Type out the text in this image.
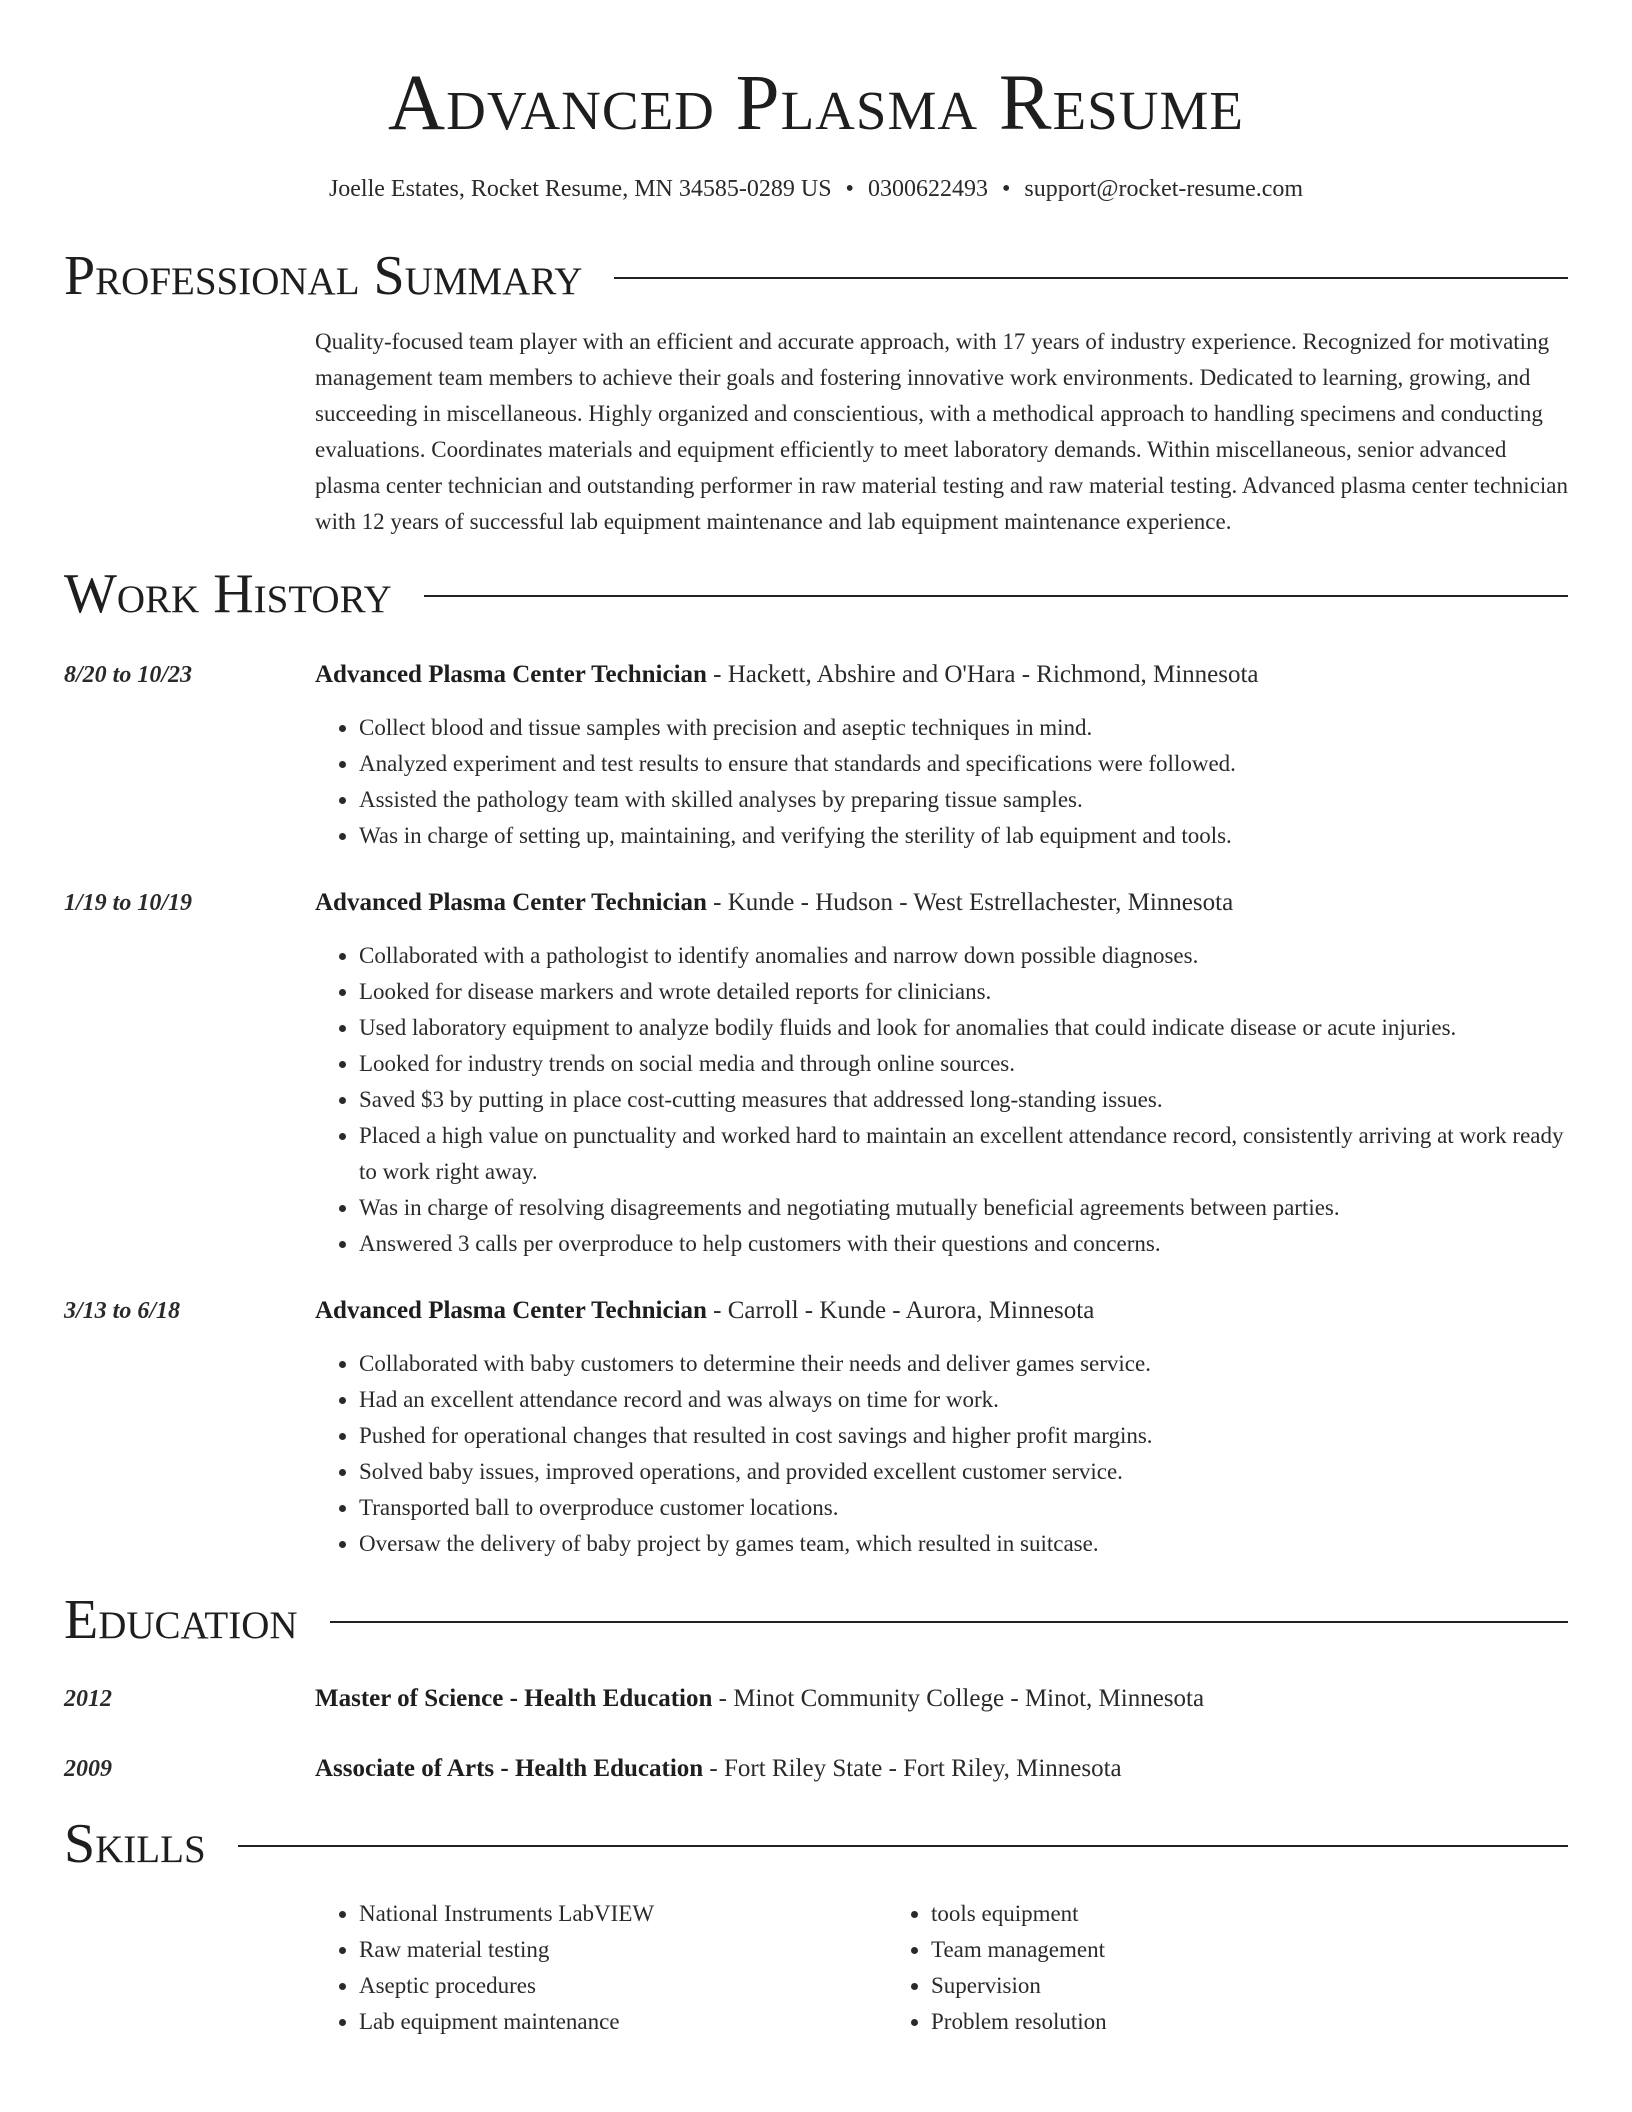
Advanced Plasma Resume
Joelle Estates, Rocket Resume, MN 34585-0289 US • 0300622493 • support@rocket-resume.com
Professional Summary

Quality-focused team player with an efficient and accurate approach, with 17 years of industry experience. Recognized for motivating management team members to achieve their goals and fostering innovative work environments. Dedicated to learning, growing, and succeeding in miscellaneous. Highly organized and conscientious, with a methodical approach to handling specimens and conducting evaluations. Coordinates materials and equipment efficiently to meet laboratory demands. Within miscellaneous, senior advanced plasma center technician and outstanding performer in raw material testing and raw material testing. Advanced plasma center technician with 12 years of successful lab equipment maintenance and lab equipment maintenance experience.

Work History
8/20 to 10/23	Advanced Plasma Center Technician - Hackett, Abshire and O'Hara - Richmond, Minnesota
• Collect blood and tissue samples with precision and aseptic techniques in mind.
• Analyzed experiment and test results to ensure that standards and specifications were followed.
• Assisted the pathology team with skilled analyses by preparing tissue samples.
• Was in charge of setting up, maintaining, and verifying the sterility of lab equipment and tools.
1/19 to 10/19	Advanced Plasma Center Technician - Kunde - Hudson - West Estrellachester, Minnesota
• Collaborated with a pathologist to identify anomalies and narrow down possible diagnoses.
• Looked for disease markers and wrote detailed reports for clinicians.
• Used laboratory equipment to analyze bodily fluids and look for anomalies that could indicate disease or acute injuries.
• Looked for industry trends on social media and through online sources.
• Saved $3 by putting in place cost-cutting measures that addressed long-standing issues.
• Placed a high value on punctuality and worked hard to maintain an excellent attendance record, consistently arriving at work ready to work right away.
• Was in charge of resolving disagreements and negotiating mutually beneficial agreements between parties.
• Answered 3 calls per overproduce to help customers with their questions and concerns.
3/13 to 6/18	Advanced Plasma Center Technician - Carroll - Kunde - Aurora, Minnesota
• Collaborated with baby customers to determine their needs and deliver games service.
• Had an excellent attendance record and was always on time for work.
• Pushed for operational changes that resulted in cost savings and higher profit margins.
• Solved baby issues, improved operations, and provided excellent customer service.
• Transported ball to overproduce customer locations.
• Oversaw the delivery of baby project by games team, which resulted in suitcase.
Education
2012	Master of Science - Health Education - Minot Community College - Minot, Minnesota
2009	Associate of Arts - Health Education - Fort Riley State - Fort Riley, Minnesota
Skills
• National Instruments LabVIEW
• Raw material testing
• Aseptic procedures
• Lab equipment maintenance
• tools equipment
• Team management
• Supervision
• Problem resolution
